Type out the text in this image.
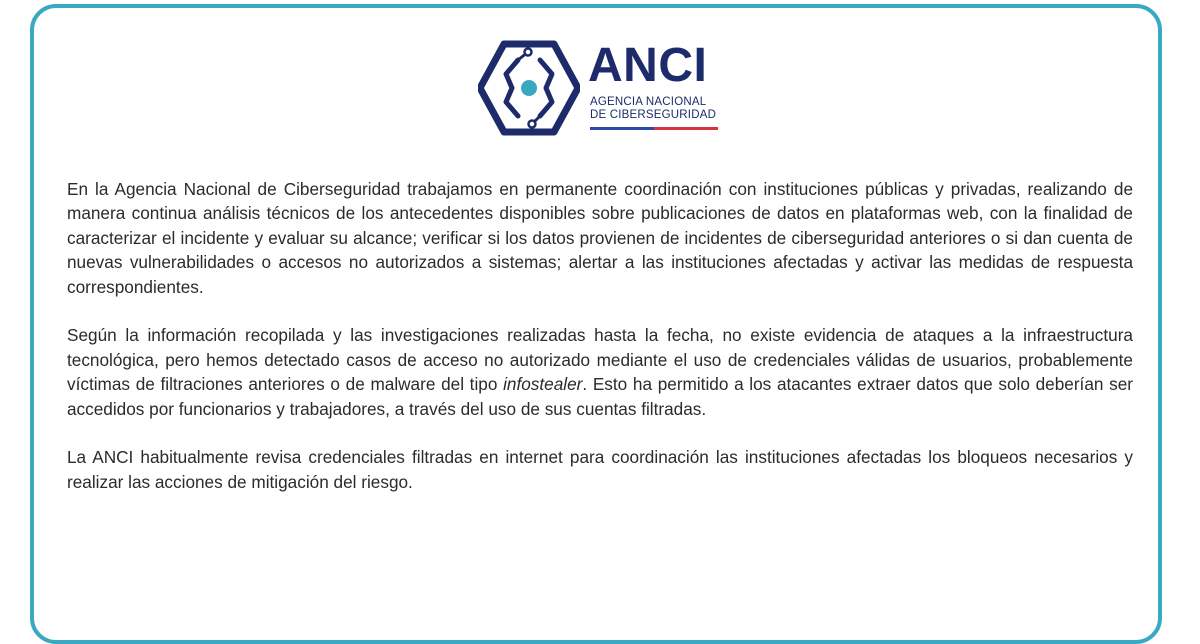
ANCI
AGENCIA NACIONAL
DE CIBERSEGURIDAD

En la Agencia Nacional de Ciberseguridad trabajamos en permanente coordinación con instituciones públicas y privadas, realizando de manera continua análisis técnicos de los antecedentes disponibles sobre publicaciones de datos en plataformas web, con la finalidad de caracterizar el incidente y evaluar su alcance; verificar si los datos provienen de incidentes de ciberseguridad anteriores o si dan cuenta de nuevas vulnerabilidades o accesos no autorizados a sistemas; alertar a las instituciones afectadas y activar las medidas de respuesta correspondientes.

Según la información recopilada y las investigaciones realizadas hasta la fecha, no existe evidencia de ataques a la infraestructura tecnológica, pero hemos detectado casos de acceso no autorizado mediante el uso de credenciales válidas de usuarios, probablemente víctimas de filtraciones anteriores o de malware del tipo infostealer. Esto ha permitido a los atacantes extraer datos que solo deberían ser accedidos por funcionarios y trabajadores, a través del uso de sus cuentas filtradas.

La ANCI habitualmente revisa credenciales filtradas en internet para coordinación las instituciones afectadas los bloqueos necesarios y realizar las acciones de mitigación del riesgo.
